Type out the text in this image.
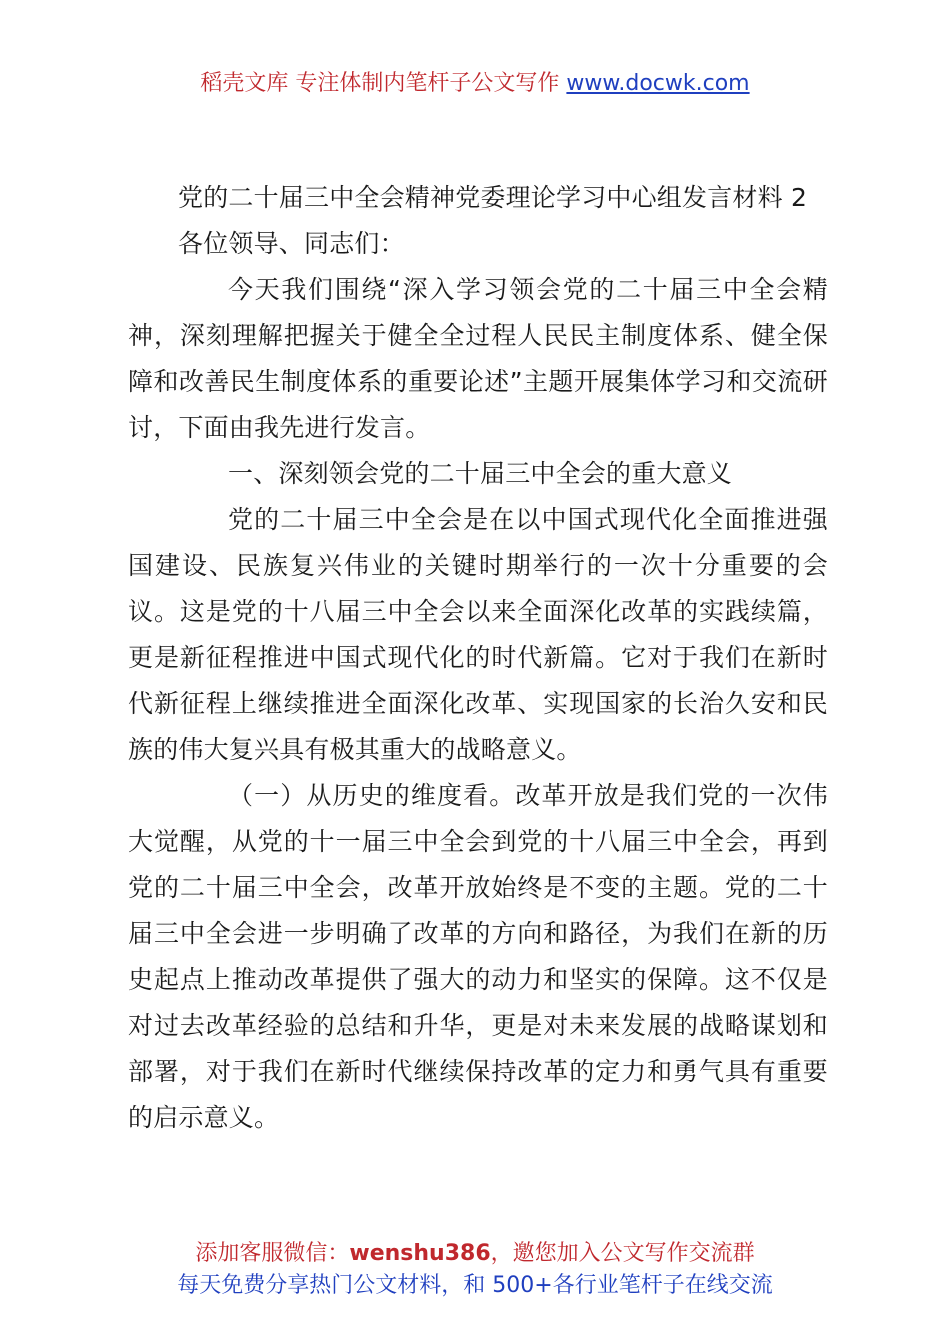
稻壳文库 专注体制内笔杆子公文写作 www.docwk.com

党的二十届三中全会精神党委理论学习中心组发言材料 2

各位领导、同志们：

今天我们围绕“深入学习领会党的二十届三中全会精神，深刻理解把握关于健全全过程人民民主制度体系、健全保障和改善民生制度体系的重要论述”主题开展集体学习和交流研讨，下面由我先进行发言。

一、深刻领会党的二十届三中全会的重大意义

党的二十届三中全会是在以中国式现代化全面推进强国建设、民族复兴伟业的关键时期举行的一次十分重要的会议。这是党的十八届三中全会以来全面深化改革的实践续篇，更是新征程推进中国式现代化的时代新篇。它对于我们在新时代新征程上继续推进全面深化改革、实现国家的长治久安和民族的伟大复兴具有极其重大的战略意义。

（一）从历史的维度看。改革开放是我们党的一次伟大觉醒，从党的十一届三中全会到党的十八届三中全会，再到党的二十届三中全会，改革开放始终是不变的主题。党的二十届三中全会进一步明确了改革的方向和路径，为我们在新的历史起点上推动改革提供了强大的动力和坚实的保障。这不仅是对过去改革经验的总结和升华，更是对未来发展的战略谋划和部署，对于我们在新时代继续保持改革的定力和勇气具有重要的启示意义。

添加客服微信：wenshu386，邀您加入公文写作交流群
每天免费分享热门公文材料，和 500+各行业笔杆子在线交流
